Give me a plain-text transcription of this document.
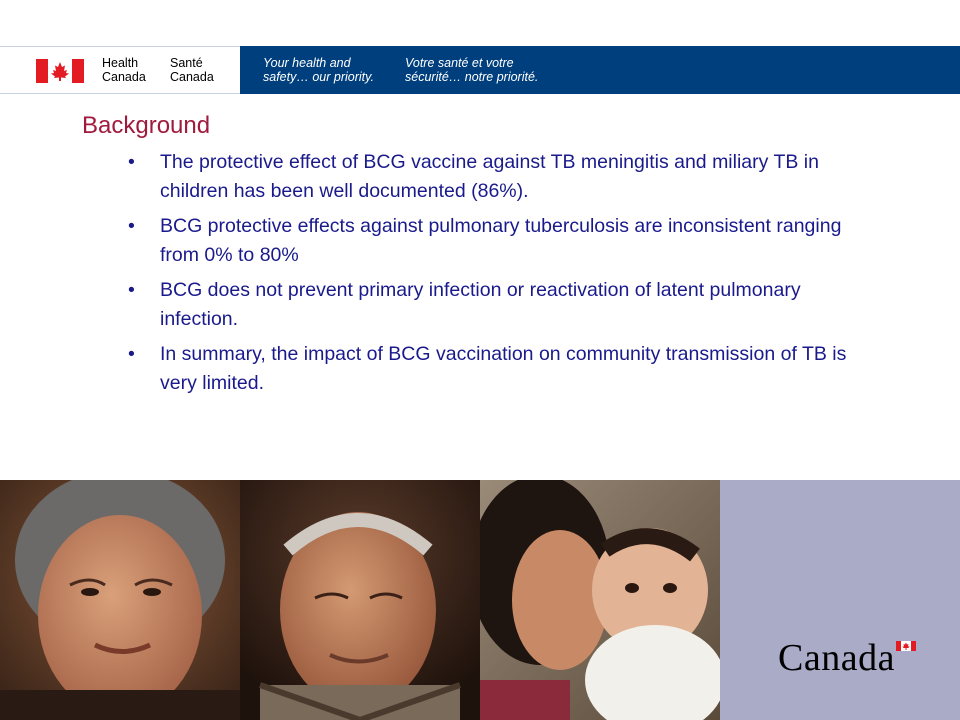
Health
Canada
Santé
Canada
Your health and
safety… our priority.
Votre santé et votre
sécurité… notre priorité.
Background
•	The protective effect of BCG vaccine against TB meningitis and miliary TB in children has been well documented (86%).
•	BCG protective effects against pulmonary tuberculosis are inconsistent ranging from 0% to 80%
•	BCG does not prevent primary infection or reactivation of latent pulmonary infection.
•	In summary, the impact of BCG vaccination on community transmission of TB is very limited.
Canada
